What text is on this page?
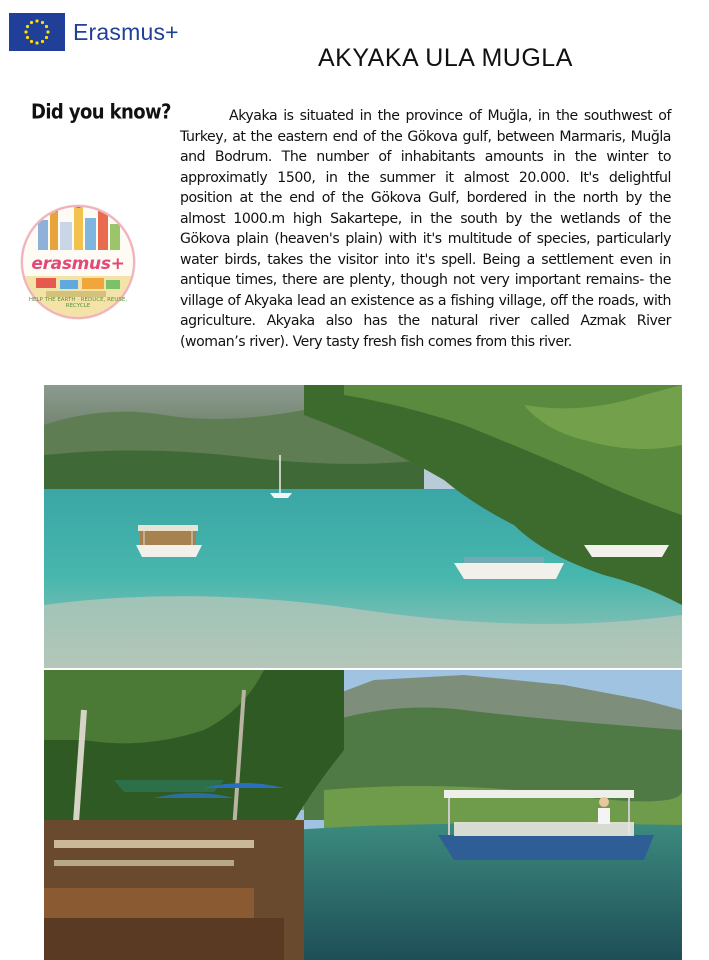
Erasmus+
AKYAKA ULA MUGLA
Did you know?	Akyaka is situated in the province of Muğla, in the southwest of Turkey, at the eastern end of the Gökova gulf, between Marmaris, Muğla and Bodrum. The number of inhabitants amounts in the winter to approximatly 1500, in the summer it almost 20.000. It's delightful position at the end of the Gökova Gulf, bordered in the north by the almost 1000.m high Sakartepe, in the south by the wetlands of the Gökova plain (heaven's plain) with it's multitude of species, particularly water birds, takes the visitor into it's spell. Being a settlement even in antique times, there are plenty, though not very important remains- the village of Akyaka lead an existence as a fishing village, off the roads, with agriculture. Akyaka also has the natural river called Azmak River (woman’s river). Very tasty fresh fish comes from this river.
erasmus+
HELP THE EARTH · REDUCE, REUSE, RECYCLE
